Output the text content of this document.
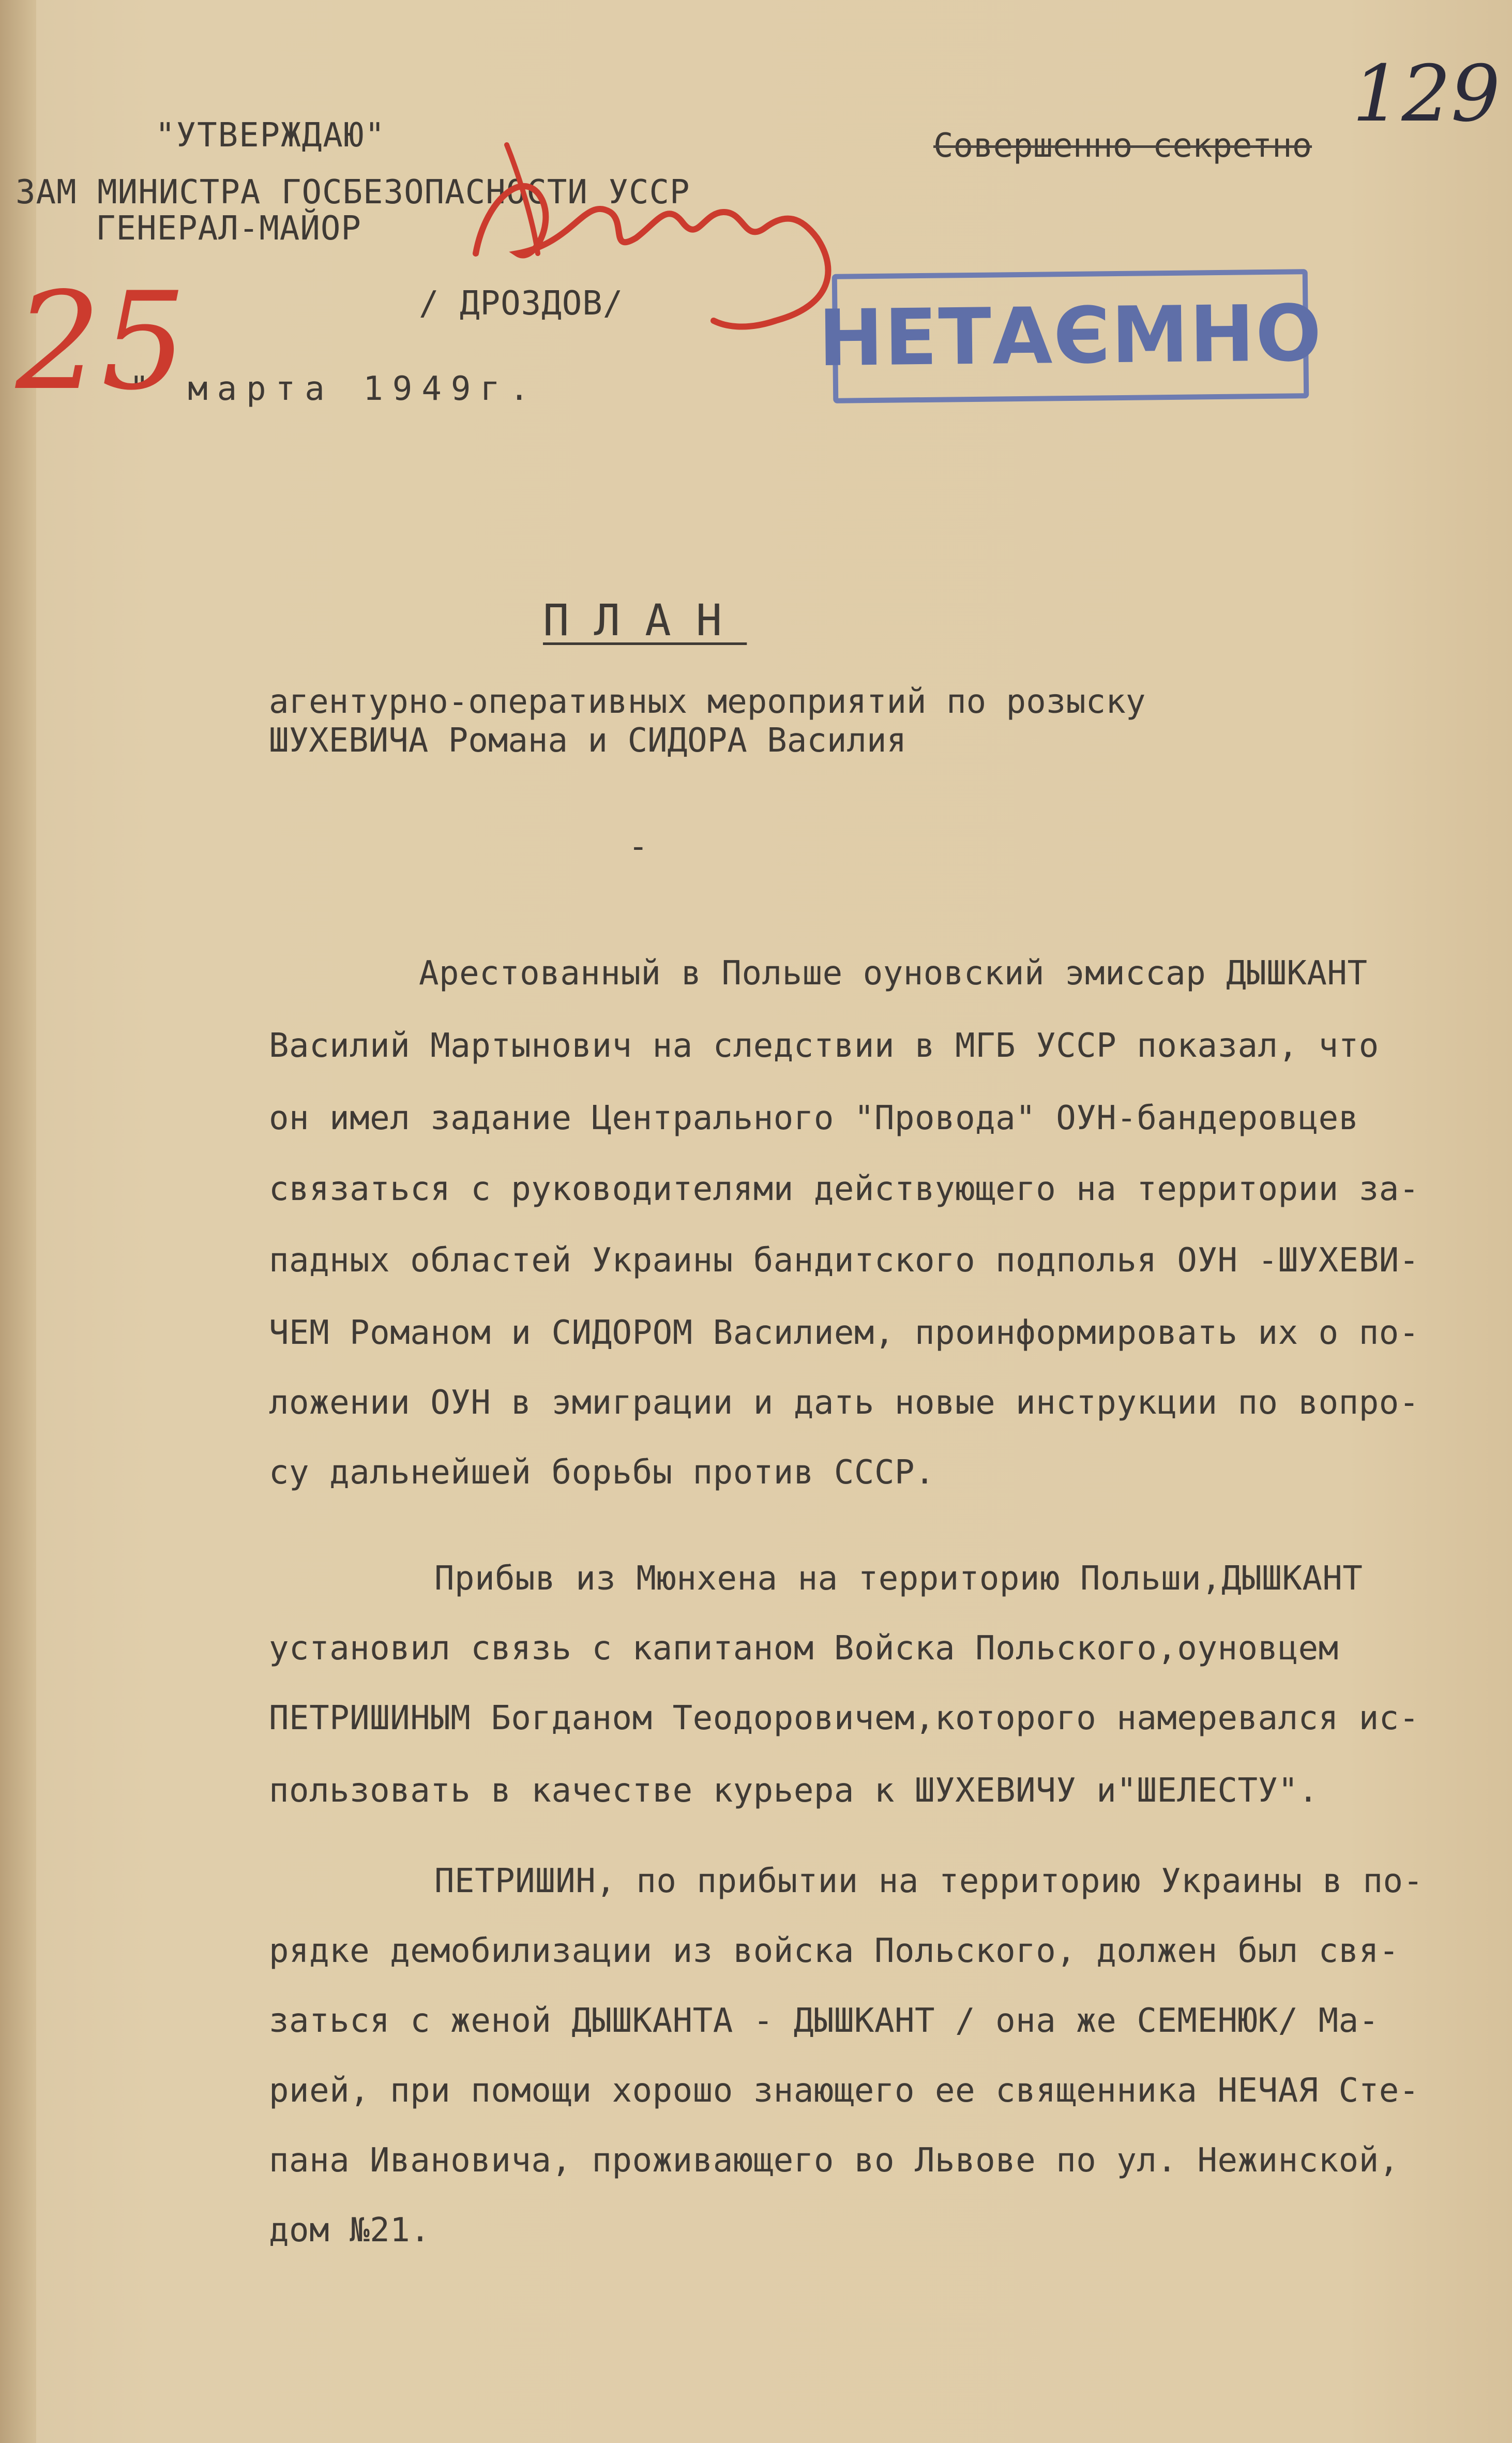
129

"УТВЕРЖДАЮ"

ЗАМ МИНИСТРА ГОСБЕЗОПАСНОСТИ УССР

ГЕНЕРАЛ-МАЙОР

/ ДРОЗДОВ/

" марта 1949г.

Совершенно секретно

25	НЕТАЄМНО

ПЛАН

агентурно-оперативных мероприятий по розыску

ШУХЕВИЧА Романа и СИДОРА Василия

-

Арестованный в Польше оуновский эмиссар ДЫШКАНТ

Василий Мартынович на следствии в МГБ УССР показал, что

он имел задание Центрального "Провода" ОУН-бандеровцев

связаться с руководителями действующего на территории за-

падных областей Украины бандитского подполья ОУН -ШУХЕВИ-

ЧЕМ Романом и СИДОРОМ Василием, проинформировать их о по-

ложении ОУН в эмиграции и дать новые инструкции по вопро-

су дальнейшей борьбы против СССР.

Прибыв из Мюнхена на территорию Польши,ДЫШКАНТ

установил связь с капитаном Войска Польского,оуновцем

ПЕТРИШИНЫМ Богданом Теодоровичем,которого намеревался ис-

пользовать в качестве курьера к ШУХЕВИЧУ и"ШЕЛЕСТУ".

ПЕТРИШИН, по прибытии на территорию Украины в по-

рядке демобилизации из войска Польского, должен был свя-

заться с женой ДЫШКАНТА - ДЫШКАНТ / она же СЕМЕНЮК/ Ма-

рией, при помощи хорошо знающего ее священника НЕЧАЯ Сте-

пана Ивановича, проживающего во Львове по ул. Нежинской,

дом №21.
